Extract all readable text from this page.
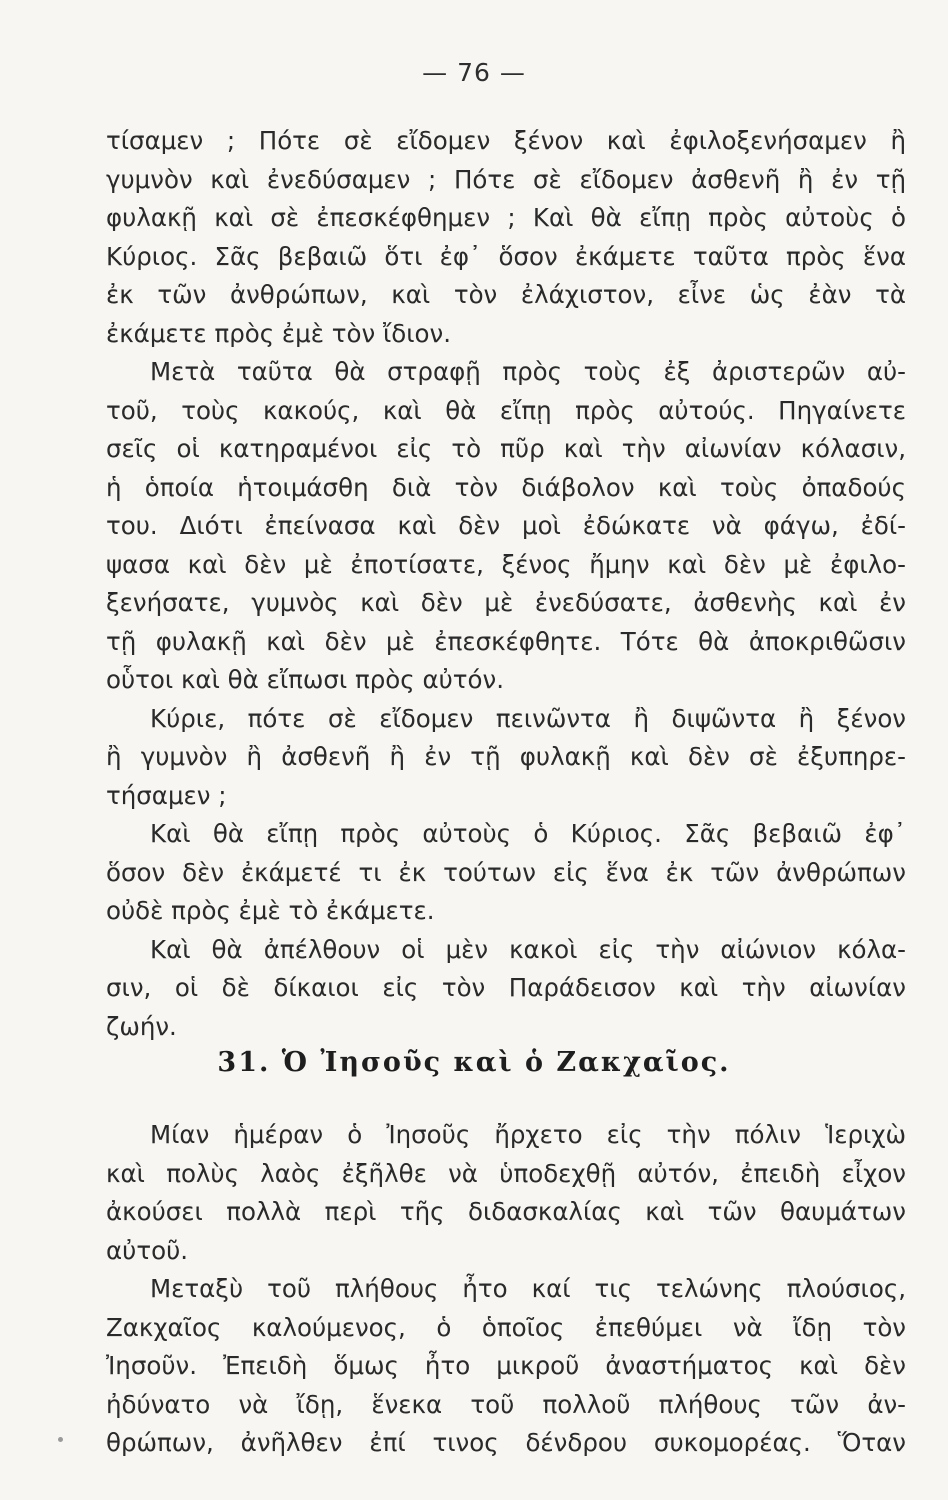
— 76 —
τίσαμεν ; Πότε σὲ εἴδομεν ξένον καὶ ἐφιλοξενήσαμεν ἢ
γυμνὸν καὶ ἐνεδύσαμεν ; Πότε σὲ εἴδομεν ἀσθενῆ ἢ ἐν τῇ
φυλακῇ καὶ σὲ ἐπεσκέφθημεν ; Καὶ θὰ εἴπῃ πρὸς αὐτοὺς ὁ
Κύριος. Σᾶς βεβαιῶ ὅτι ἐφ᾽ ὅσον ἐκάμετε ταῦτα πρὸς ἕνα
ἐκ τῶν ἀνθρώπων, καὶ τὸν ἐλάχιστον, εἶνε ὡς ἐὰν τὰ
ἐκάμετε πρὸς ἐμὲ τὸν ἴδιον.
Μετὰ ταῦτα θὰ στραφῇ πρὸς τοὺς ἐξ ἀριστερῶν αὐ-
τοῦ, τοὺς κακούς, καὶ θὰ εἴπῃ πρὸς αὐτούς. Πηγαίνετε
σεῖς οἱ κατηραμένοι εἰς τὸ πῦρ καὶ τὴν αἰωνίαν κόλασιν,
ἡ ὁποία ἡτοιμάσθη διὰ τὸν διάβολον καὶ τοὺς ὀπαδούς
του. Διότι ἐπείνασα καὶ δὲν μοὶ ἐδώκατε νὰ φάγω, ἐδί-
ψασα καὶ δὲν μὲ ἐποτίσατε, ξένος ἤμην καὶ δὲν μὲ ἐφιλο-
ξενήσατε, γυμνὸς καὶ δὲν μὲ ἐνεδύσατε, ἀσθενὴς καὶ ἐν
τῇ φυλακῇ καὶ δὲν μὲ ἐπεσκέφθητε. Τότε θὰ ἀποκριθῶσιν
οὗτοι καὶ θὰ εἴπωσι πρὸς αὐτόν.
Κύριε, πότε σὲ εἴδομεν πεινῶντα ἢ διψῶντα ἢ ξένον
ἢ γυμνὸν ἢ ἀσθενῆ ἢ ἐν τῇ φυλακῇ καὶ δὲν σὲ ἐξυπηρε-
τήσαμεν ;
Καὶ θὰ εἴπῃ πρὸς αὐτοὺς ὁ Κύριος. Σᾶς βεβαιῶ ἐφ᾽
ὅσον δὲν ἐκάμετέ τι ἐκ τούτων εἰς ἕνα ἐκ τῶν ἀνθρώπων
οὐδὲ πρὸς ἐμὲ τὸ ἐκάμετε.
Καὶ θὰ ἀπέλθουν οἱ μὲν κακοὶ εἰς τὴν αἰώνιον κόλα-
σιν, οἱ δὲ δίκαιοι εἰς τὸν Παράδεισον καὶ τὴν αἰωνίαν
ζωήν.
31. Ὁ Ἰησοῦς καὶ ὁ Ζακχαῖος.
Μίαν ἡμέραν ὁ Ἰησοῦς ἤρχετο εἰς τὴν πόλιν Ἱεριχὼ
καὶ πολὺς λαὸς ἐξῆλθε νὰ ὑποδεχθῇ αὐτόν, ἐπειδὴ εἶχον
ἀκούσει πολλὰ περὶ τῆς διδασκαλίας καὶ τῶν θαυμάτων
αὐτοῦ.
Μεταξὺ τοῦ πλήθους ἦτο καί τις τελώνης πλούσιος,
Ζακχαῖος καλούμενος, ὁ ὁποῖος ἐπεθύμει νὰ ἴδῃ τὸν
Ἰησοῦν. Ἐπειδὴ ὅμως ἦτο μικροῦ ἀναστήματος καὶ δὲν
ἠδύνατο νὰ ἴδῃ, ἕνεκα τοῦ πολλοῦ πλήθους τῶν ἀν-
θρώπων, ἀνῆλθεν ἐπί τινος δένδρου συκομορέας. Ὅταν
